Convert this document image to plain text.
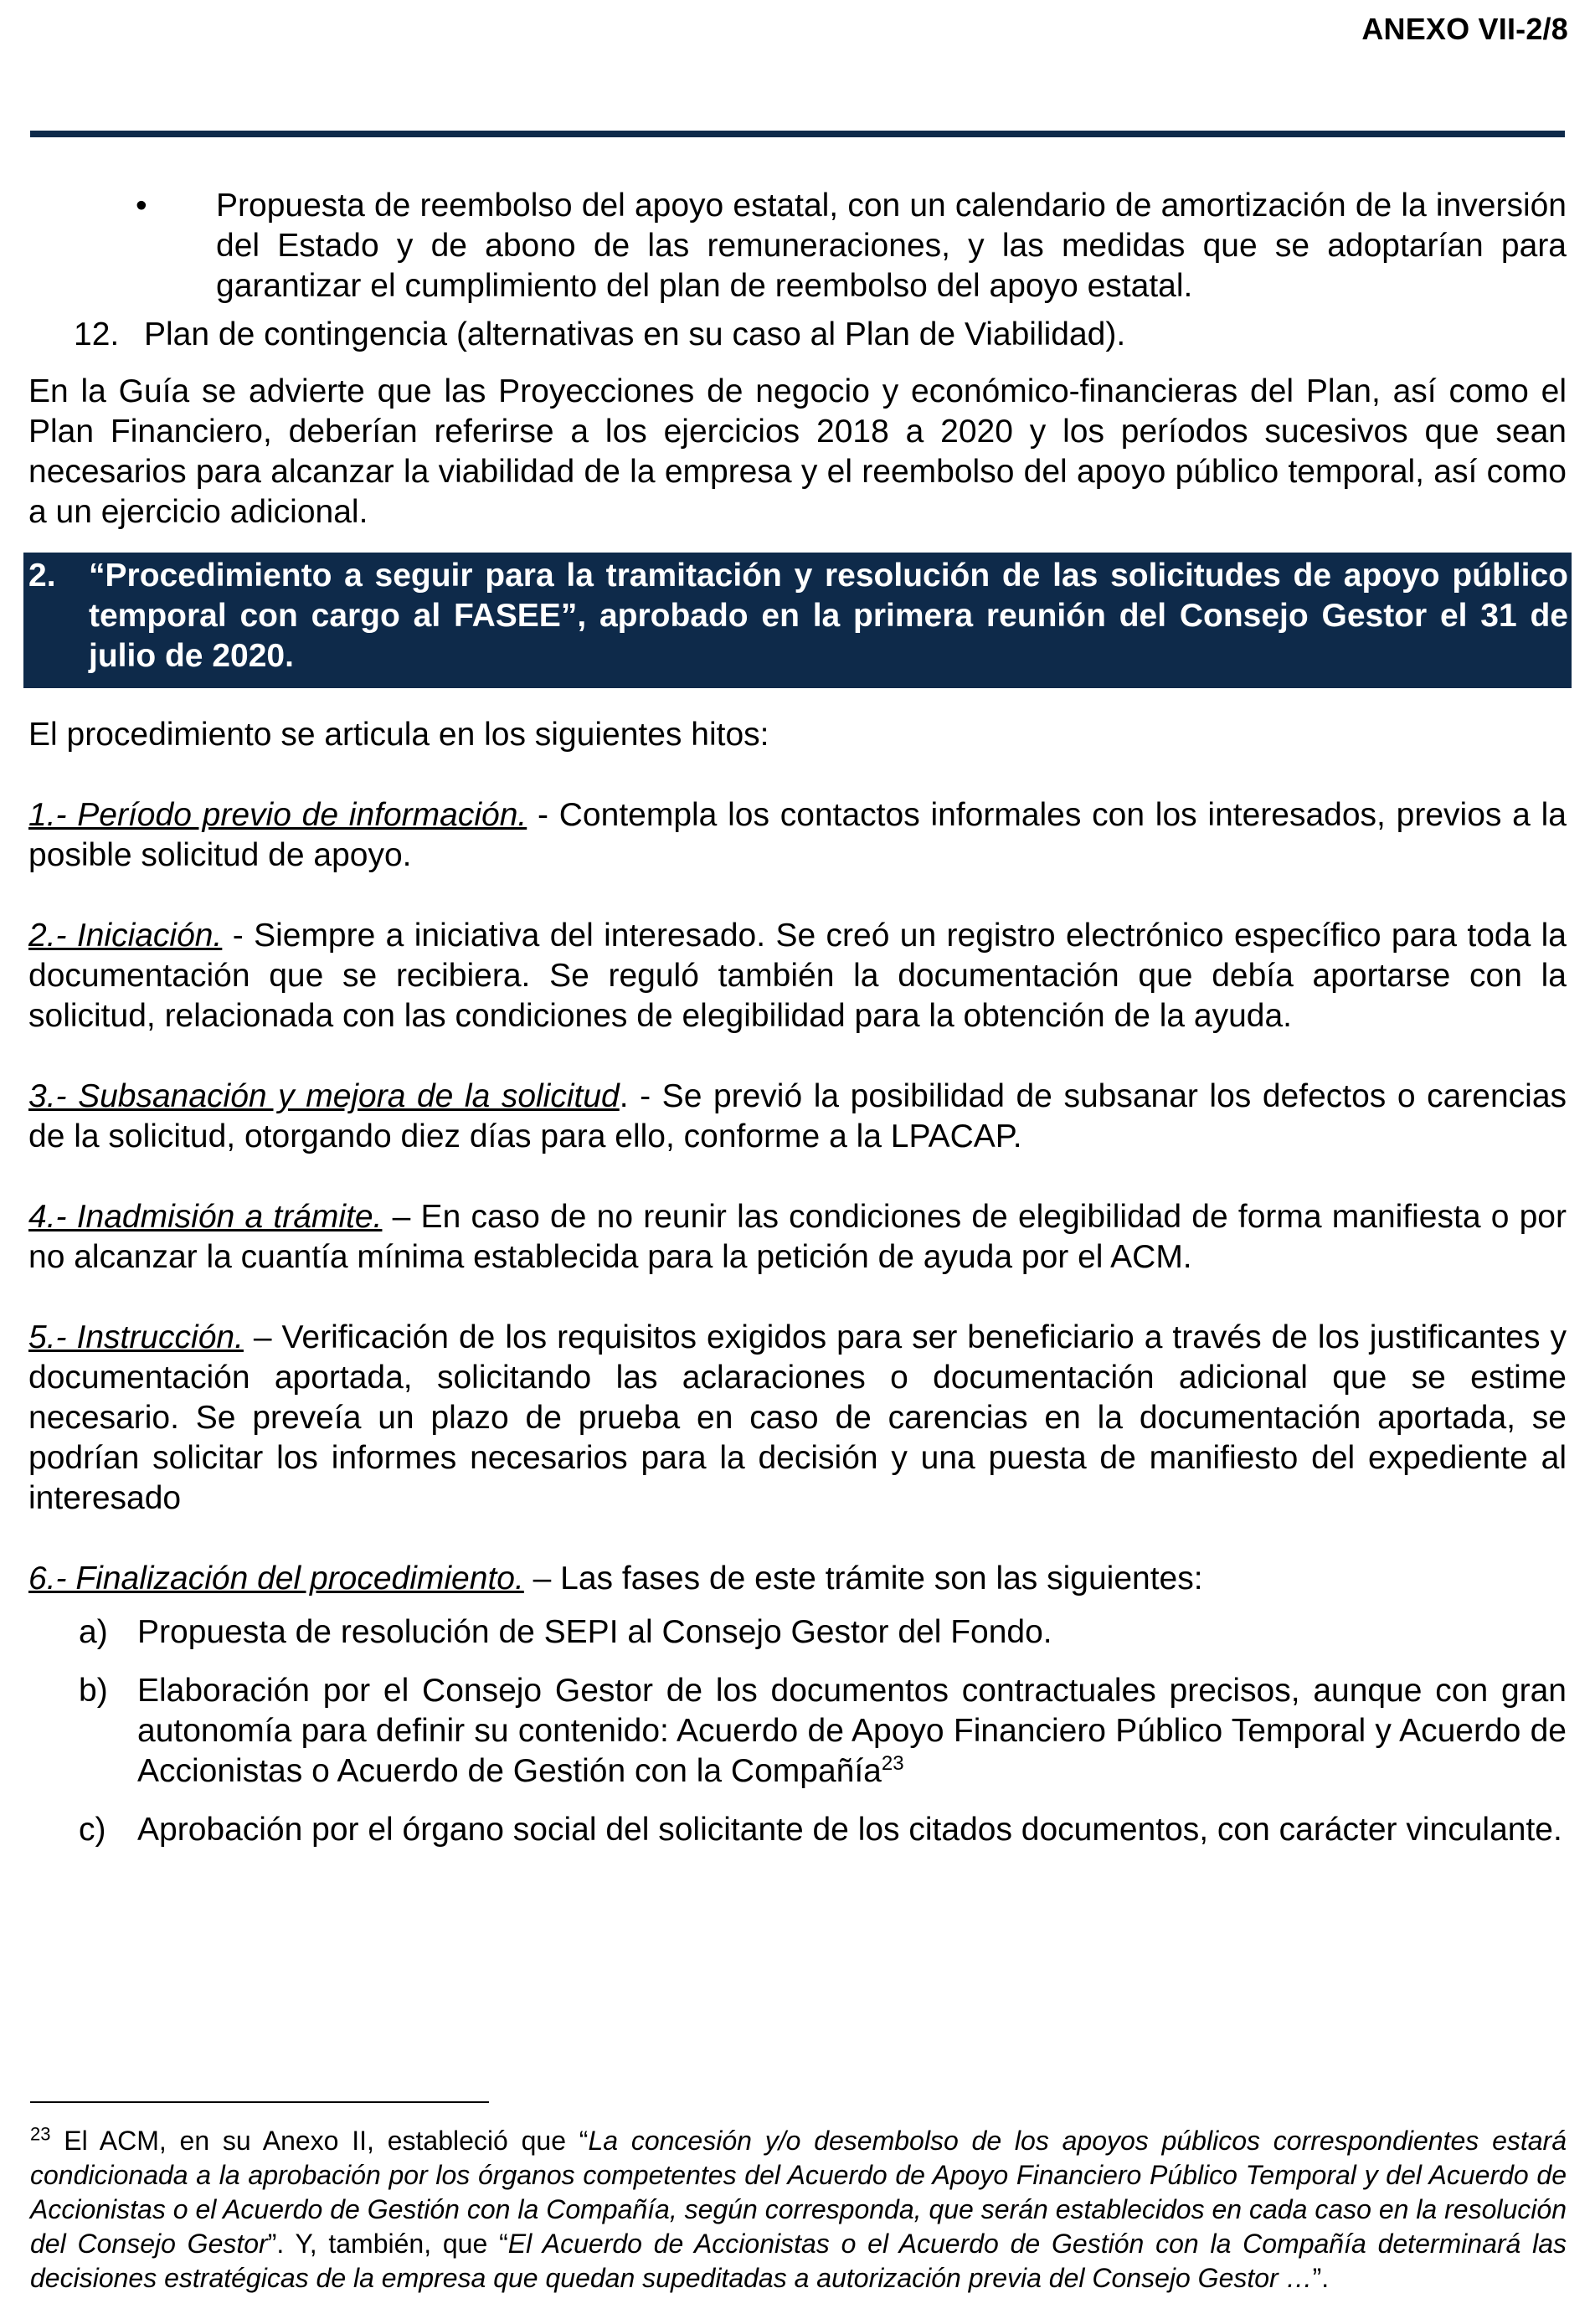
ANEXO VII-2/8
•	Propuesta de reembolso del apoyo estatal, con un calendario de amortización de la inversión del Estado y de abono de las remuneraciones, y las medidas que se adoptarían para garantizar el cumplimiento del plan de reembolso del apoyo estatal.

12. Plan de contingencia (alternativas en su caso al Plan de Viabilidad).

En la Guía se advierte que las Proyecciones de negocio y económico-financieras del Plan, así como el Plan Financiero, deberían referirse a los ejercicios 2018 a 2020 y los períodos sucesivos que sean necesarios para alcanzar la viabilidad de la empresa y el reembolso del apoyo público temporal, así como a un ejercicio adicional.

2.	“Procedimiento a seguir para la tramitación y resolución de las solicitudes de apoyo público temporal con cargo al FASEE”, aprobado en la primera reunión del Consejo Gestor el 31 de julio de 2020.

El procedimiento se articula en los siguientes hitos:

1.- Período previo de información. - Contempla los contactos informales con los interesados, previos a la posible solicitud de apoyo.

2.- Iniciación. - Siempre a iniciativa del interesado. Se creó un registro electrónico específico para toda la documentación que se recibiera. Se reguló también la documentación que debía aportarse con la solicitud, relacionada con las condiciones de elegibilidad para la obtención de la ayuda.

3.- Subsanación y mejora de la solicitud. - Se previó la posibilidad de subsanar los defectos o carencias de la solicitud, otorgando diez días para ello, conforme a la LPACAP.

4.- Inadmisión a trámite. – En caso de no reunir las condiciones de elegibilidad de forma manifiesta o por no alcanzar la cuantía mínima establecida para la petición de ayuda por el ACM.

5.- Instrucción. – Verificación de los requisitos exigidos para ser beneficiario a través de los justificantes y documentación aportada, solicitando las aclaraciones o documentación adicional que se estime necesario. Se preveía un plazo de prueba en caso de carencias en la documentación aportada, se podrían solicitar los informes necesarios para la decisión y una puesta de manifiesto del expediente al interesado

6.- Finalización del procedimiento. – Las fases de este trámite son las siguientes:

a) Propuesta de resolución de SEPI al Consejo Gestor del Fondo.

b) Elaboración por el Consejo Gestor de los documentos contractuales precisos, aunque con gran autonomía para definir su contenido: Acuerdo de Apoyo Financiero Público Temporal y Acuerdo de Accionistas o Acuerdo de Gestión con la Compañía$^{23}$

c) Aprobación por el órgano social del solicitante de los citados documentos, con carácter vinculante.

$^{23}$ El ACM, en su Anexo II, estableció que “La concesión y/o desembolso de los apoyos públicos correspondientes estará condicionada a la aprobación por los órganos competentes del Acuerdo de Apoyo Financiero Público Temporal y del Acuerdo de Accionistas o el Acuerdo de Gestión con la Compañía, según corresponda, que serán establecidos en cada caso en la resolución del Consejo Gestor”. Y, también, que “El Acuerdo de Accionistas o el Acuerdo de Gestión con la Compañía determinará las decisiones estratégicas de la empresa que quedan supeditadas a autorización previa del Consejo Gestor …”.
